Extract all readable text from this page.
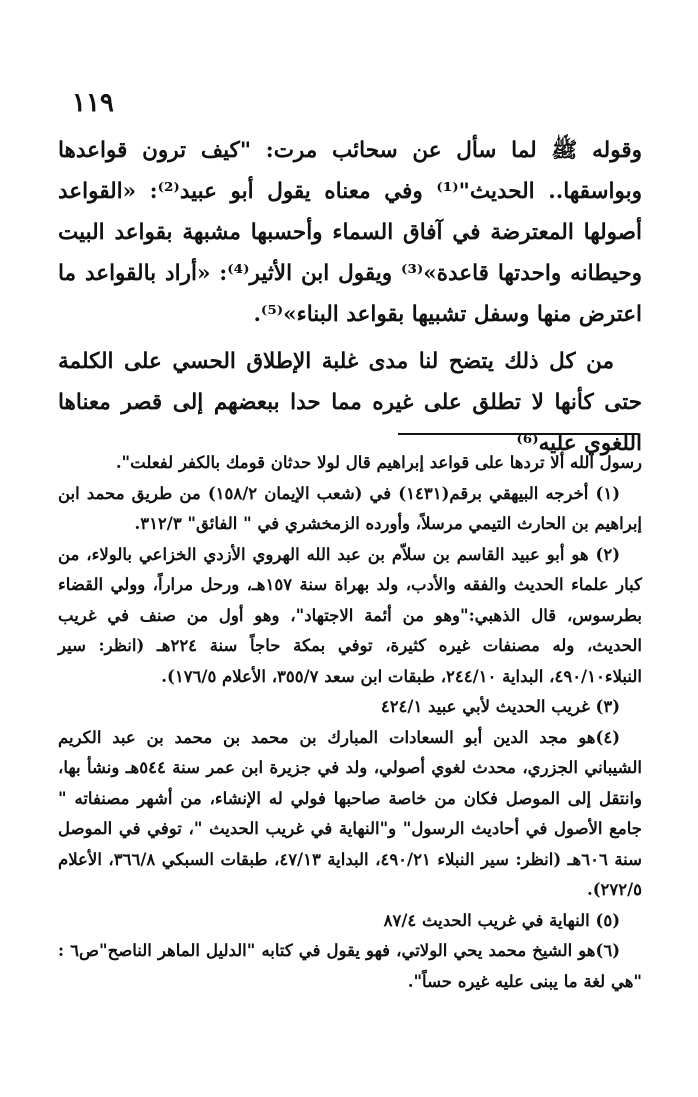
١١٩

وقوله ﷺ لما سأل عن سحائب مرت: "كيف ترون قواعدها وبواسقها.. الحديث"⁽¹⁾ وفي معناه يقول أبو عبيد⁽²⁾: «القواعد أصولها المعترضة في آفاق السماء وأحسبها مشبهة بقواعد البيت وحيطانه واحدتها قاعدة»⁽³⁾ ويقول ابن الأثير⁽⁴⁾: «أراد بالقواعد ما اعترض منها وسفل تشبيها بقواعد البناء»⁽⁵⁾.

من كل ذلك يتضح لنا مدى غلبة الإطلاق الحسي على الكلمة حتى كأنها لا تطلق على غيره مما حدا ببعضهم إلى قصر معناها اللغوي عليه⁽⁶⁾

رسول الله ألا تردها على قواعد إبراهيم قال لولا حدثان قومك بالكفر لفعلت".

(١) أخرجه البيهقي برقم(١٤٣١) في (شعب الإيمان ١٥٨/٢) من طريق محمد ابن إبراهيم بن الحارث التيمي مرسلاً، وأورده الزمخشري في " الفائق" ٣١٢/٣.

(٢) هو أبو عبيد القاسم بن سلاّم بن عبد الله الهروي الأزدي الخزاعي بالولاء، من كبار علماء الحديث والفقه والأدب، ولد بهراة سنة ١٥٧هـ، ورحل مراراً، وولي القضاء بطرسوس، قال الذهبي:"وهو من أئمة الاجتهاد"، وهو أول من صنف في غريب الحديث، وله مصنفات غيره كثيرة، توفي بمكة حاجاً سنة ٢٢٤هـ (انظر: سير النبلاء٤٩٠/١٠، البداية ٢٤٤/١٠، طبقات ابن سعد ٣٥٥/٧، الأعلام ١٧٦/٥).

(٣) غريب الحديث لأبي عبيد ٤٢٤/١

(٤)هو مجد الدين أبو السعادات المبارك بن محمد بن محمد بن عبد الكريم الشيباني الجزري، محدث لغوي أصولي، ولد في جزيرة ابن عمر سنة ٥٤٤هـ ونشأ بها، وانتقل إلى الموصل فكان من خاصة صاحبها فولي له الإنشاء، من أشهر مصنفاته " جامع الأصول في أحاديث الرسول" و"النهاية في غريب الحديث "، توفي في الموصل سنة ٦٠٦هـ (انظر: سير النبلاء ٤٩٠/٢١، البداية ٤٧/١٣، طبقات السبكي ٣٦٦/٨، الأعلام ٢٧٢/٥).

(٥) النهاية في غريب الحديث ٨٧/٤

(٦)هو الشيخ محمد يحي الولاتي، فهو يقول في كتابه "الدليل الماهر الناصح"ص٦ : "هي لغة ما يبنى عليه غيره حساً".
